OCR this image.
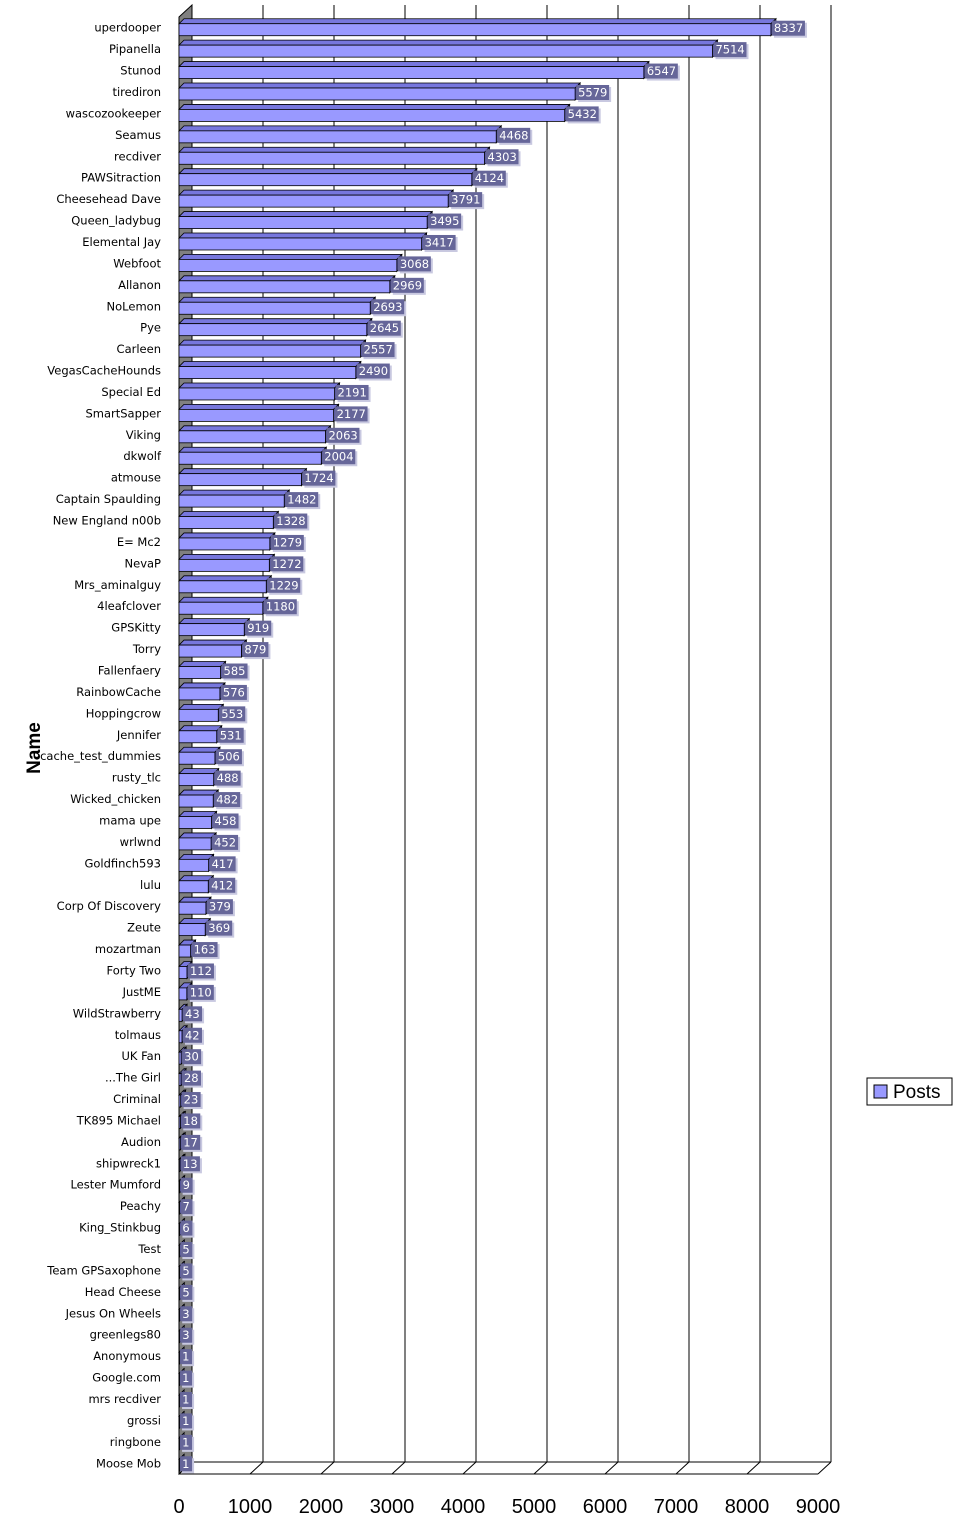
8337
7514
6547
5579
5432
4468
4303
4124
3791
3495
3417
3068
2969
2693
2645
2557
2490
2191
2177
2063
2004
1724
1482
1328
1279
1272
1229
1180
919
879
585
576
553
531
506
488
482
458
452
417
412
379
369
163
112
110
43
42
30
28
23
18
17
13
9
7
6
5
5
5
3
3
1
1
1
1
1
1
uperdooper
Pipanella
Stunod
tirediron
wascozookeeper
Seamus
recdiver
PAWSitraction
Cheesehead Dave
Queen_ladybug
Elemental Jay
Webfoot
Allanon
NoLemon
Pye
Carleen
VegasCacheHounds
Special Ed
SmartSapper
Viking
dkwolf
atmouse
Captain Spaulding
New England n00b
E= Mc2
NevaP
Mrs_aminalguy
4leafclover
GPSKitty
Torry
Fallenfaery
RainbowCache
Hoppingcrow
Jennifer
cache_test_dummies
rusty_tlc
Wicked_chicken
mama upe
wrlwnd
Goldfinch593
lulu
Corp Of Discovery
Zeute
mozartman
Forty Two
JustME
WildStrawberry
tolmaus
UK Fan
...The Girl
Criminal
TK895 Michael
Audion
shipwreck1
Lester Mumford
Peachy
King_Stinkbug
Test
Team GPSaxophone
Head Cheese
Jesus On Wheels
greenlegs80
Anonymous
Google.com
mrs recdiver
grossi
ringbone
Moose Mob
0 1000 2000 3000 4000 5000 6000 7000 8000 9000
Name
Posts
